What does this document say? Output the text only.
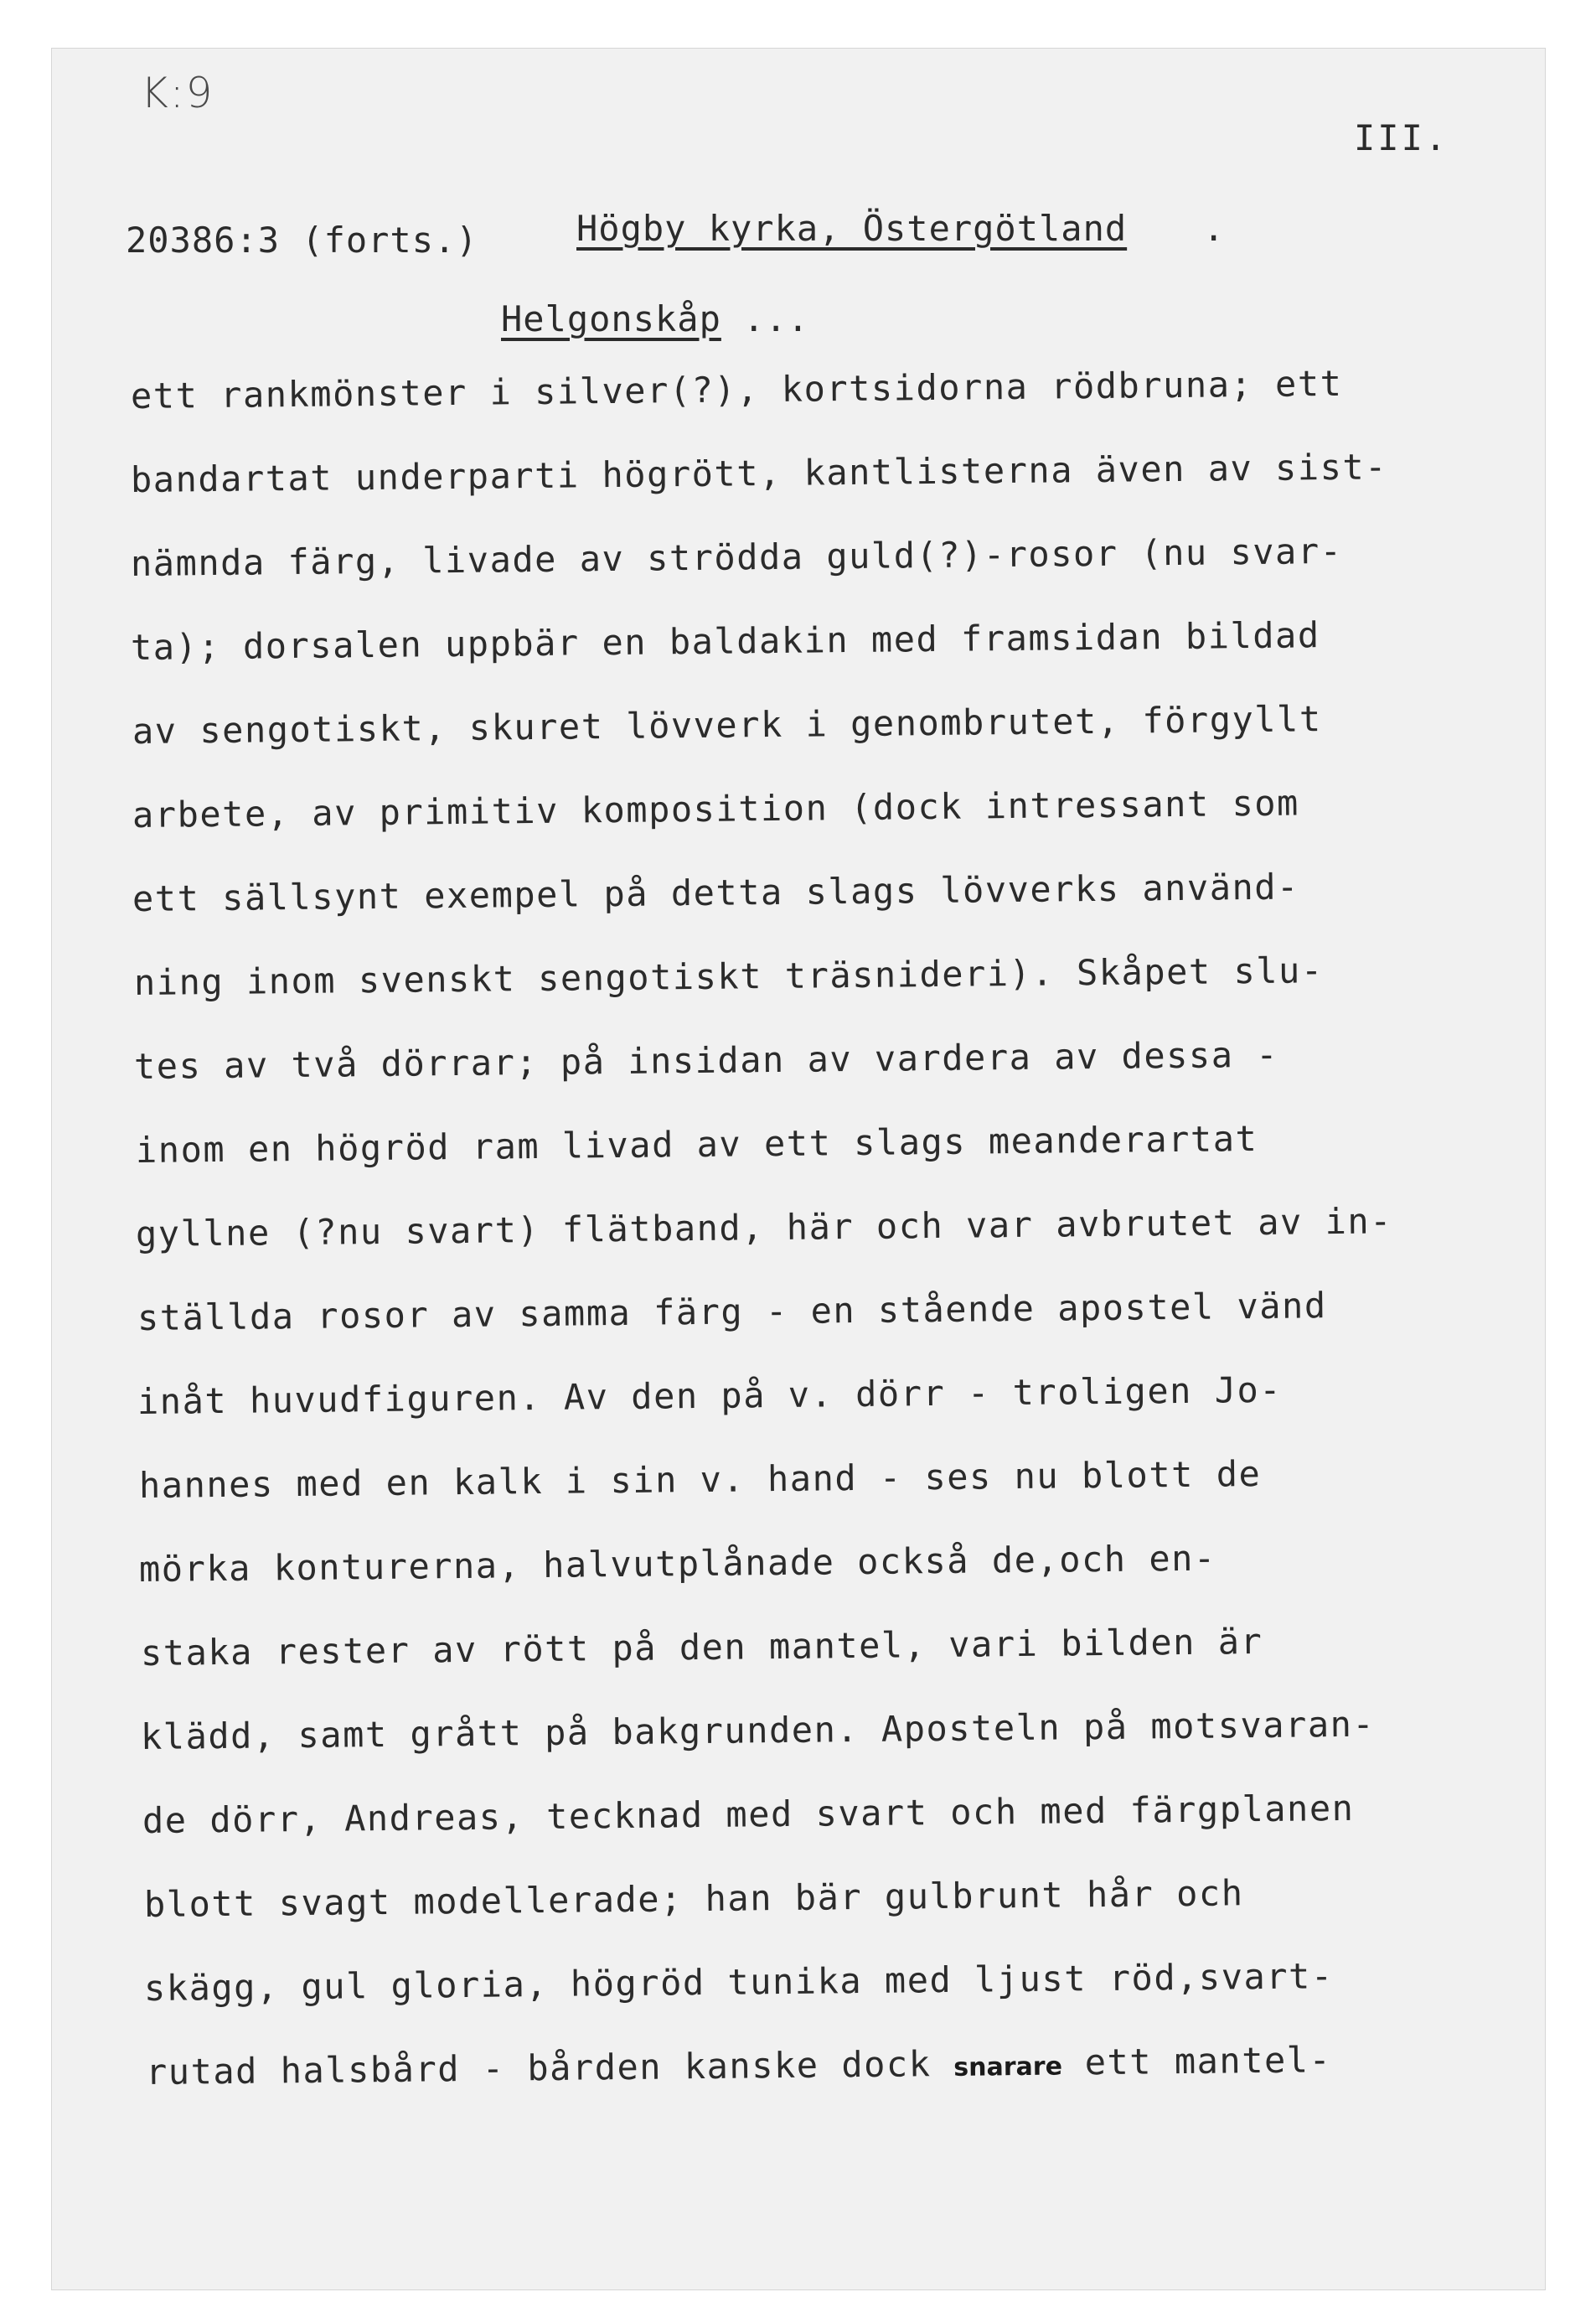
K:9
III.
20386:3 (forts.)	Högby kyrka, Östergötland .
Helgonskåp ...
ett rankmönster i silver(?), kortsidorna rödbruna; ett
bandartat underparti högrött, kantlisterna även av sist-
nämnda färg, livade av strödda guld(?)-rosor (nu svar-
ta); dorsalen uppbär en baldakin med framsidan bildad
av sengotiskt, skuret lövverk i genombrutet, förgyllt
arbete, av primitiv komposition (dock intressant som
ett sällsynt exempel på detta slags lövverks använd-
ning inom svenskt sengotiskt träsnideri). Skåpet slu-
tes av två dörrar; på insidan av vardera av dessa -
inom en högröd ram livad av ett slags meanderartat
gyllne (?nu svart) flätband, här och var avbrutet av in-
ställda rosor av samma färg - en stående apostel vänd
inåt huvudfiguren. Av den på v. dörr - troligen Jo-
hannes med en kalk i sin v. hand - ses nu blott de
mörka konturerna, halvutplånade också de,och en-
staka rester av rött på den mantel, vari bilden är
klädd, samt grått på bakgrunden. Aposteln på motsvaran-
de dörr, Andreas, tecknad med svart och med färgplanen
blott svagt modellerade; han bär gulbrunt hår och
skägg, gul gloria, högröd tunika med ljust röd,svart-
rutad halsbård - bården kanske dock snarare ett mantel-
